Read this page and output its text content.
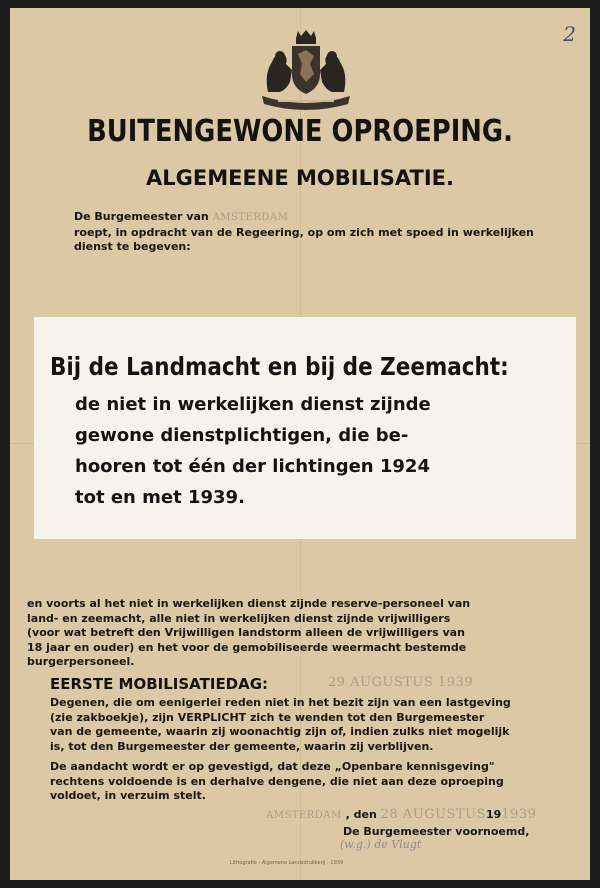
2
BUITENGEWONE OPROEPING.
ALGEMEENE MOBILISATIE.
De Burgemeester van AMSTERDAM
roept, in opdracht van de Regeering, op om zich met spoed in werkelijken
dienst te begeven:
Bij de Landmacht en bij de Zeemacht:
de niet in werkelijken dienst zijnde
gewone dienstplichtigen, die be-
hooren tot één der lichtingen 1924
tot en met 1939.
en voorts al het niet in werkelijken dienst zijnde reserve-personeel van
land- en zeemacht, alle niet in werkelijken dienst zijnde vrijwilligers
(voor wat betreft den Vrijwilligen landstorm alleen de vrijwilligers van
18 jaar en ouder) en het voor de gemobiliseerde weermacht bestemde
burgerpersoneel.
EERSTE MOBILISATIEDAG:	29 AUGUSTUS 1939
Degenen, die om eenigerlei reden niet in het bezit zijn van een lastgeving
(zie zakboekje), zijn VERPLICHT zich te wenden tot den Burgemeester
van de gemeente, waarin zij woonachtig zijn of, indien zulks niet mogelijk
is, tot den Burgemeester der gemeente, waarin zij verblijven.
De aandacht wordt er op gevestigd, dat deze „Openbare kennisgeving"
rechtens voldoende is en derhalve dengene, die niet aan deze oproeping
voldoet, in verzuim stelt.
AMSTERDAM , den 28 AUGUSTUS191939
De Burgemeester voornoemd,
(w.g.) de Vlugt
Lithografie - Algemene Landsdrukkerij - 1939
